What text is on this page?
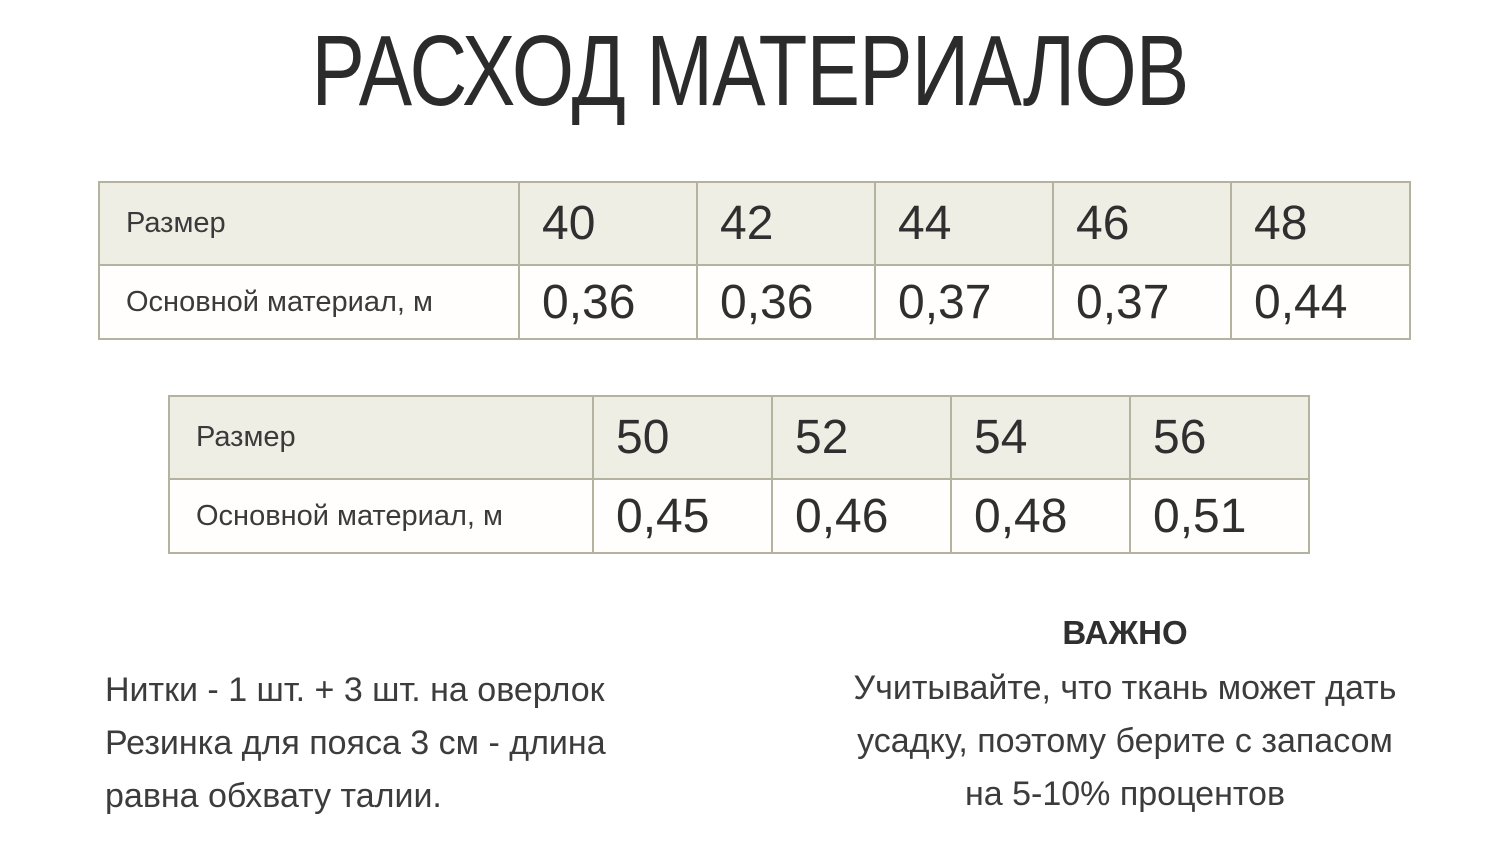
РАСХОД МАТЕРИАЛОВ
Размер	40	42	44	46	48
Основной материал, м	0,36	0,36	0,37	0,37	0,44
Размер	50	52	54	56
Основной материал, м	0,45	0,46	0,48	0,51
Нитки - 1 шт. + 3 шт. на оверлок
Резинка для пояса 3 см - длина
равна обхвату талии.
ВАЖНО
Учитывайте, что ткань может дать
усадку, поэтому берите с запасом
на 5-10% процентов
